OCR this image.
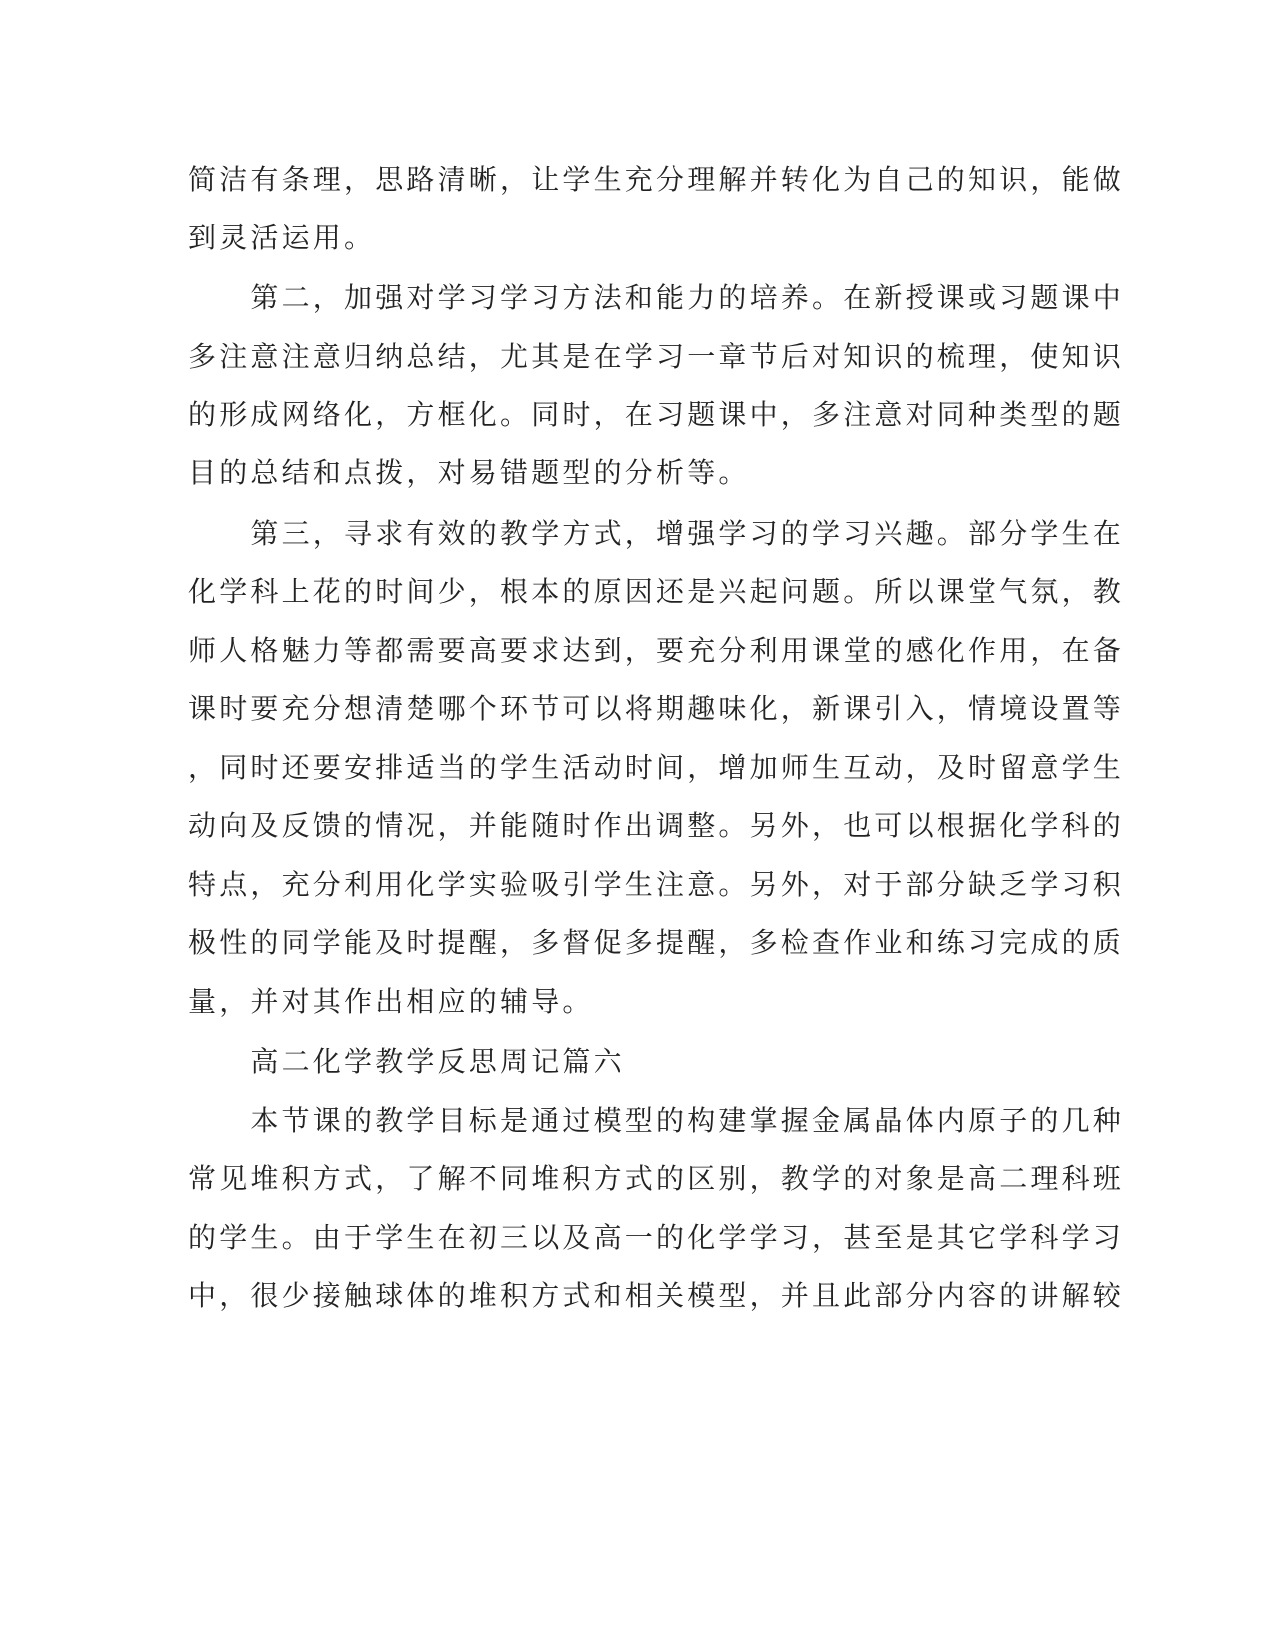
简洁有条理，思路清晰，让学生充分理解并转化为自己的知识，能做
到灵活运用。
　　第二，加强对学习学习方法和能力的培养。在新授课或习题课中
多注意注意归纳总结，尤其是在学习一章节后对知识的梳理，使知识
的形成网络化，方框化。同时，在习题课中，多注意对同种类型的题
目的总结和点拨，对易错题型的分析等。
　　第三，寻求有效的教学方式，增强学习的学习兴趣。部分学生在
化学科上花的时间少，根本的原因还是兴起问题。所以课堂气氛，教
师人格魅力等都需要高要求达到，要充分利用课堂的感化作用，在备
课时要充分想清楚哪个环节可以将期趣味化，新课引入，情境设置等
，同时还要安排适当的学生活动时间，增加师生互动，及时留意学生
动向及反馈的情况，并能随时作出调整。另外，也可以根据化学科的
特点，充分利用化学实验吸引学生注意。另外，对于部分缺乏学习积
极性的同学能及时提醒，多督促多提醒，多检查作业和练习完成的质
量，并对其作出相应的辅导。
　　高二化学教学反思周记篇六
　　本节课的教学目标是通过模型的构建掌握金属晶体内原子的几种
常见堆积方式，了解不同堆积方式的区别，教学的对象是高二理科班
的学生。由于学生在初三以及高一的化学学习，甚至是其它学科学习
中，很少接触球体的堆积方式和相关模型，并且此部分内容的讲解较
